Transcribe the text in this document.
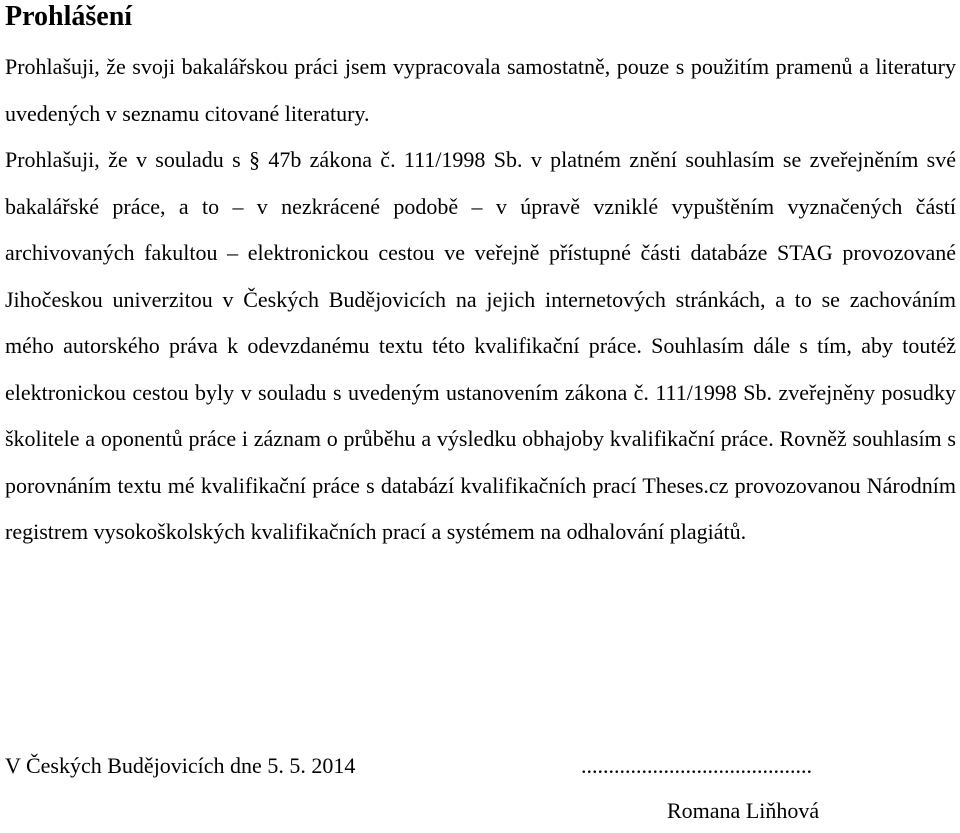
Prohlášení

Prohlašuji, že svoji bakalářskou práci jsem vypracovala samostatně, pouze s použitím pramenů a literatury uvedených v seznamu citované literatury.

Prohlašuji, že v souladu s § 47b zákona č. 111/1998 Sb. v platném znění souhlasím se zveřejněním své bakalářské práce, a to – v nezkrácené podobě – v úpravě vzniklé vypuštěním vyznačených částí archivovaných fakultou – elektronickou cestou ve veřejně přístupné části databáze STAG provozované Jihočeskou univerzitou v Českých Budějovicích na jejich internetových stránkách, a to se zachováním mého autorského práva k odevzdanému textu této kvalifikační práce. Souhlasím dále s tím, aby toutéž elektronickou cestou byly v souladu s uvedeným ustanovením zákona č. 111/1998 Sb. zveřejněny posudky školitele a oponentů práce i záznam o průběhu a výsledku obhajoby kvalifikační práce. Rovněž souhlasím s porovnáním textu mé kvalifikační práce s databází kvalifikačních prací Theses.cz provozovanou Národním registrem vysokoškolských kvalifikačních prací a systémem na odhalování plagiátů.

V Českých Budějovicích dne 5. 5. 2014	..........................................
Romana Liňhová
